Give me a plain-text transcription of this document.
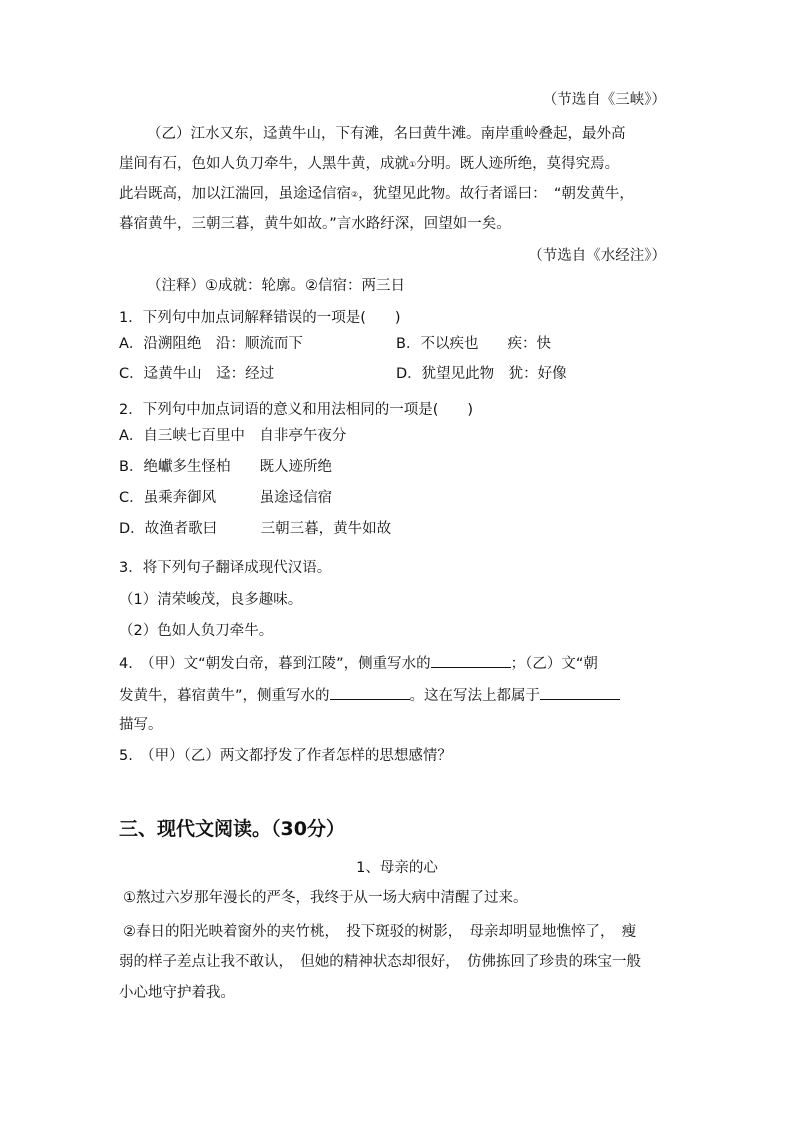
（节选自《三峡》）
（乙）江水又东，迳黄牛山，下有滩，名曰黄牛滩。南岸重岭叠起，最外高
崖间有石，色如人负刀牵牛，人黑牛黄，成就①分明。既人迹所绝，莫得究焉。
此岩既高，加以江湍回，虽途迳信宿②，犹望见此物。故行者谣曰：　“朝发黄牛，
暮宿黄牛，三朝三暮，黄牛如故。”言水路纡深，回望如一矣。
（节选自《水经注》）
（注释）①成就：轮廓。②信宿：两三日
1．下列句中加点词解释错误的一项是(　　)
A．沿溯阻绝　沿：顺流而下	B．不以疾也　　疾：快
C．迳黄牛山　迳：经过	D．犹望见此物　犹：好像
2．下列句中加点词语的意义和用法相同的一项是(　　)
A．自三峡七百里中　自非亭午夜分
B．绝巘多生怪柏　　既人迹所绝
C．虽乘奔御风　　　虽途迳信宿
D．故渔者歌曰　　　三朝三暮，黄牛如故
3．将下列句子翻译成现代汉语。
（1）清荣峻茂，良多趣味。
（2）色如人负刀牵牛。
4.　（甲）文“朝发白帝，暮到江陵”，侧重写水的	；（乙）文“朝
发黄牛，暮宿黄牛”，侧重写水的	。这在写法上都属于
描写。
5.　（甲）（乙）两文都抒发了作者怎样的思想感情？
三、现代文阅读。（30分）
1、母亲的心
①熬过六岁那年漫长的严冬，我终于从一场大病中清醒了过来。
②春日的阳光映着窗外的夹竹桃，　投下斑驳的树影，　母亲却明显地憔悴了，　瘦
弱的样子差点让我不敢认，　但她的精神状态却很好，　仿佛拣回了珍贵的珠宝一般
小心地守护着我。
